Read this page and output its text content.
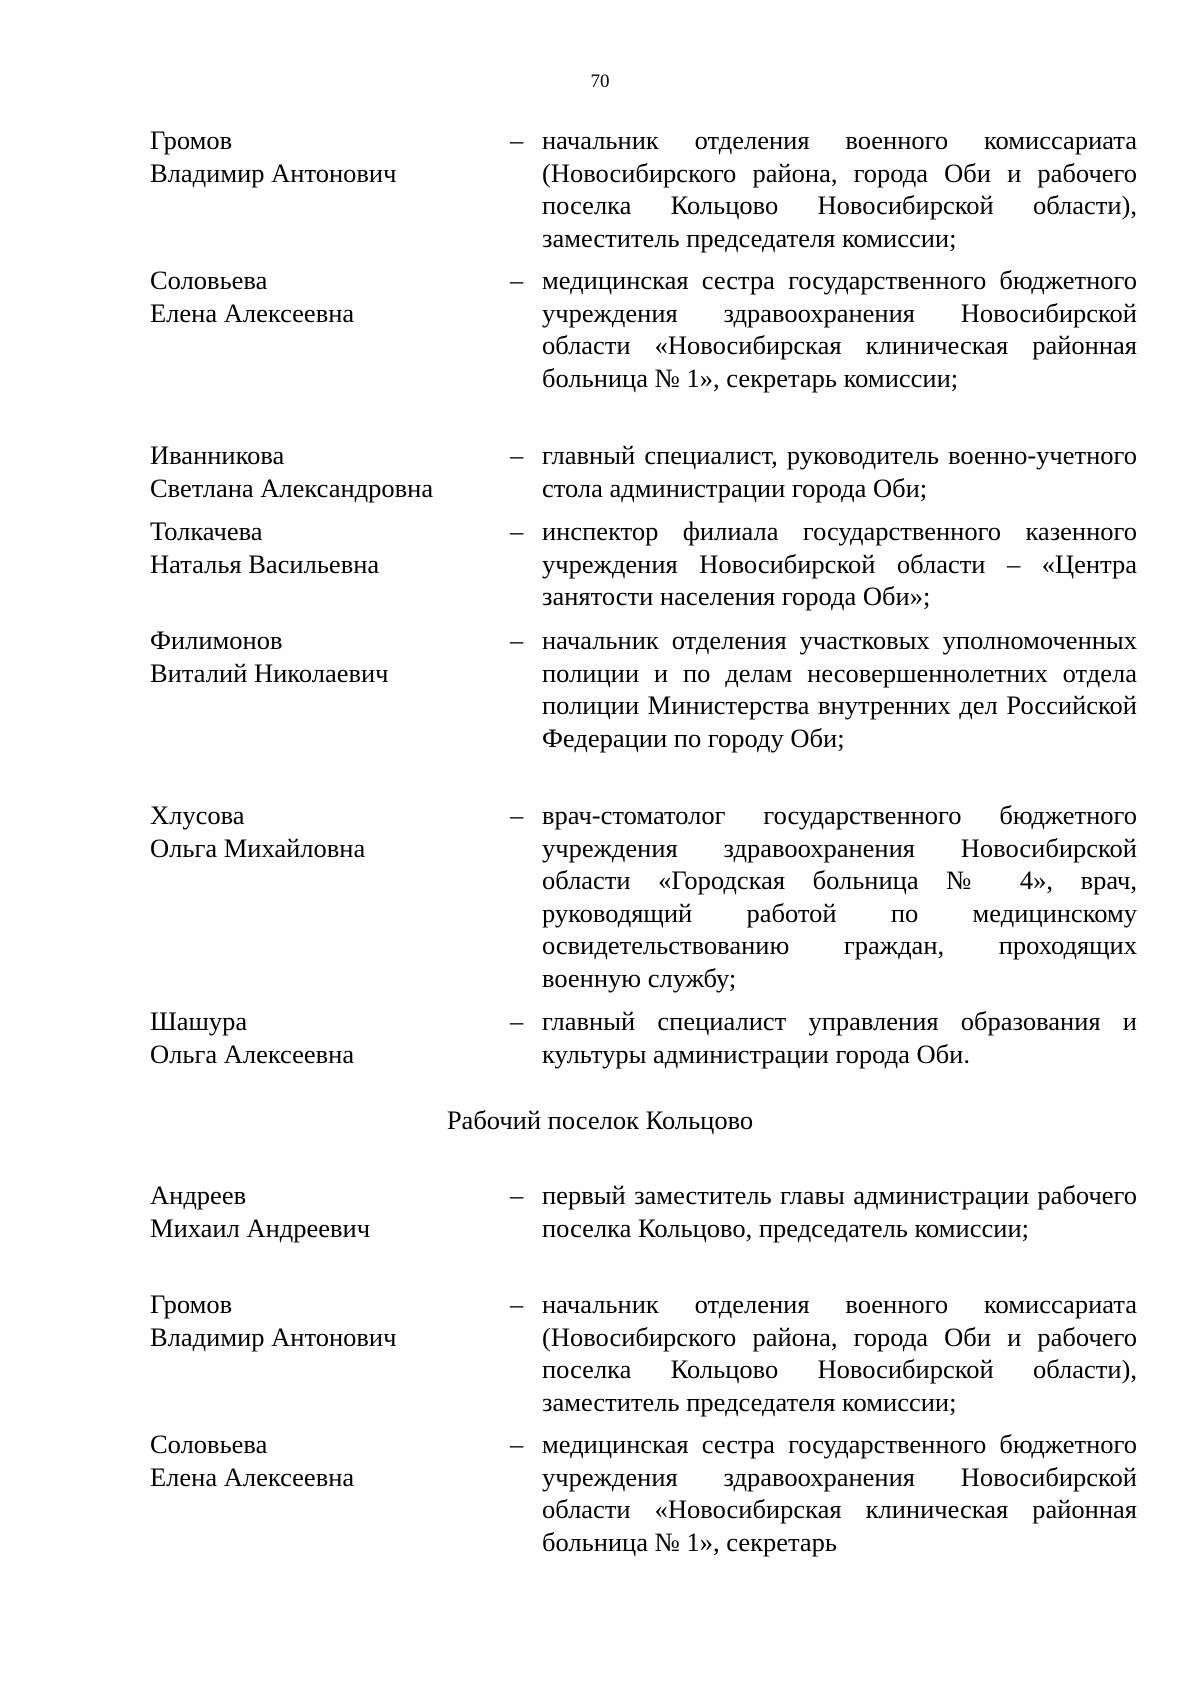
70
Громов
Владимир Антонович
– начальник отделения военного комиссариата (Новосибирского района, города Оби и рабочего поселка Кольцово Новосибирской области), заместитель председателя комиссии;
Соловьева
Елена Алексеевна
– медицинская сестра государственного бюджетного учреждения здравоохранения Новосибирской области «Новосибирская клиническая районная больница № 1», секретарь комиссии;
Иванникова
Светлана Александровна
– главный специалист, руководитель военно-учетного стола администрации города Оби;
Толкачева
Наталья Васильевна
– инспектор филиала государственного казенного учреждения Новосибирской области – «Центра занятости населения города Оби»;
Филимонов
Виталий Николаевич
– начальник отделения участковых уполномоченных полиции и по делам несовершеннолетних отдела полиции Министерства внутренних дел Российской Федерации по городу Оби;
Хлусова
Ольга Михайловна
– врач-стоматолог государственного бюджетного учреждения здравоохранения Новосибирской области «Городская больница № 4», врач, руководящий работой по медицинскому освидетельствованию граждан, проходящих военную службу;
Шашура
Ольга Алексеевна
– главный специалист управления образования и культуры администрации города Оби.
Рабочий поселок Кольцово
Андреев
Михаил Андреевич
– первый заместитель главы администрации рабочего поселка Кольцово, председатель комиссии;
Громов
Владимир Антонович
– начальник отделения военного комиссариата (Новосибирского района, города Оби и рабочего поселка Кольцово Новосибирской области), заместитель председателя комиссии;
Соловьева
Елена Алексеевна
– медицинская сестра государственного бюджетного учреждения здравоохранения Новосибирской области «Новосибирская клиническая районная больница № 1», секретарь
